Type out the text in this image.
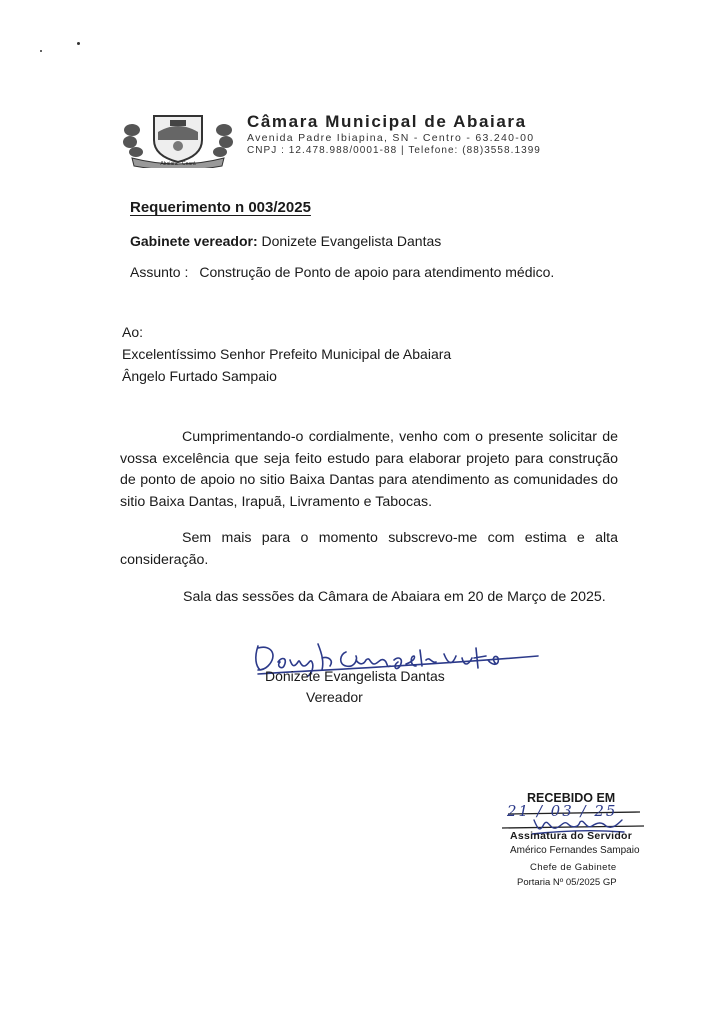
Abaiara - Ceará
Câmara Municipal de Abaiara
Avenida Padre Ibiapina, SN - Centro - 63.240-00
CNPJ : 12.478.988/0001-88 | Telefone: (88)3558.1399
Requerimento n 003/2025
Gabinete vereador: Donizete Evangelista Dantas
Assunto : Construção de Ponto de apoio para atendimento médico.
Ao:
Excelentíssimo Senhor Prefeito Municipal de Abaiara
Ângelo Furtado Sampaio
Cumprimentando-o cordialmente, venho com o presente solicitar de vossa excelência que seja feito estudo para elaborar projeto para construção de ponto de apoio no sitio Baixa Dantas para atendimento as comunidades do sitio Baixa Dantas, Irapuã, Livramento e Tabocas.
Sem mais para o momento subscrevo-me com estima e alta consideração.
Sala das sessões da Câmara de Abaiara em 20 de Março de 2025.
Donizete Evangelista Dantas
Vereador
RECEBIDO EM
21 / 03 / 25
Assinatura do Servidor
Américo Fernandes Sampaio
Chefe de Gabinete
Portaria Nº 05/2025 GP
